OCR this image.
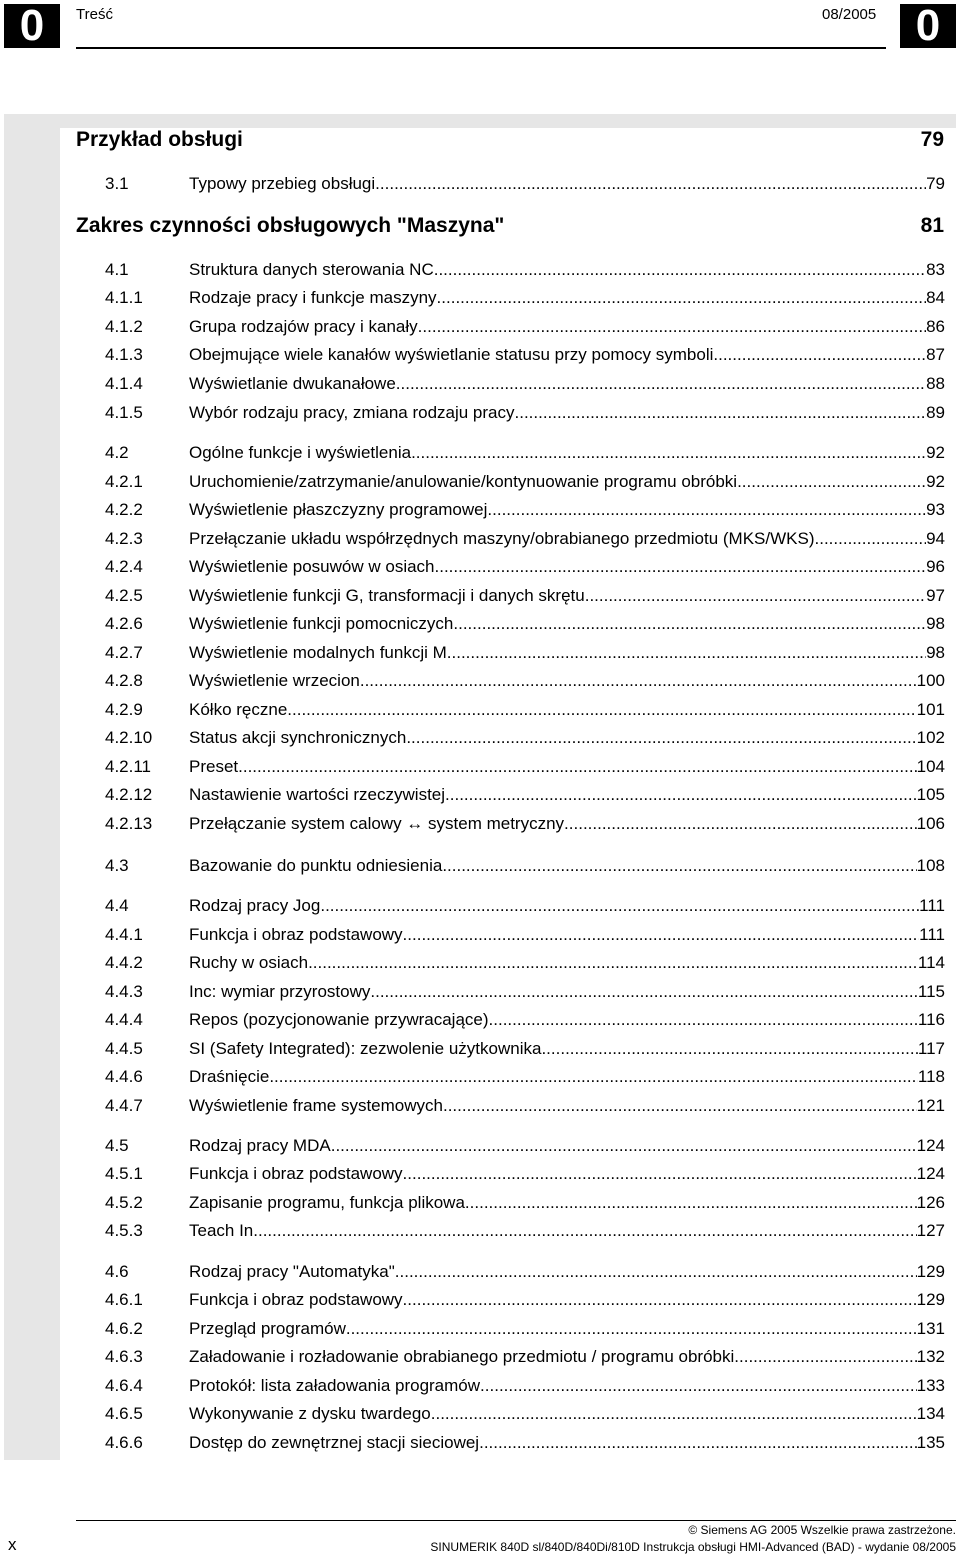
0	Treść	08/2005 0
Przykład obsługi	79
3.1	Typowy przebieg obsługi .....	79
Zakres czynności obsługowych "Maszyna"	81
4.1	Struktura danych sterowania NC .....	83
4.1.1	Rodzaje pracy i funkcje maszyny .....	84
4.1.2	Grupa rodzajów pracy i kanały .....	86
4.1.3	Obejmujące wiele kanałów wyświetlanie statusu przy pomocy symboli .....	87
4.1.4	Wyświetlanie dwukanałowe .....	88
4.1.5	Wybór rodzaju pracy, zmiana rodzaju pracy .....	89
4.2	Ogólne funkcje i wyświetlenia .....	92
4.2.1	Uruchomienie/zatrzymanie/anulowanie/kontynuowanie programu obróbki .....	92
4.2.2	Wyświetlenie płaszczyzny programowej .....	93
4.2.3	Przełączanie układu współrzędnych maszyny/obrabianego przedmiotu (MKS/WKS) .....	94
4.2.4	Wyświetlenie posuwów w osiach .....	96
4.2.5	Wyświetlenie funkcji G, transformacji i danych skrętu .....	97
4.2.6	Wyświetlenie funkcji pomocniczych .....	98
4.2.7	Wyświetlenie modalnych funkcji M .....	98
4.2.8	Wyświetlenie wrzecion .....	100
4.2.9	Kółko ręczne .....	101
4.2.10 Status akcji synchronicznych .....	102
4.2.11 Preset .....	104
4.2.12 Nastawienie wartości rzeczywistej .....	105
4.2.13 Przełączanie system calowy ↔ system metryczny .....	106
4.3	Bazowanie do punktu odniesienia .....	108
4.4	Rodzaj pracy Jog .....	111
4.4.1	Funkcja i obraz podstawowy .....	111
4.4.2	Ruchy w osiach .....	114
4.4.3	Inc: wymiar przyrostowy .....	115
4.4.4	Repos (pozycjonowanie przywracające) .....	116
4.4.5	SI (Safety Integrated): zezwolenie użytkownika .....	117
4.4.6	Draśnięcie .....	118
4.4.7	Wyświetlenie frame systemowych .....	121
4.5	Rodzaj pracy MDA .....	124
4.5.1	Funkcja i obraz podstawowy .....	124
4.5.2	Zapisanie programu, funkcja plikowa .....	126
4.5.3	Teach In .....	127
4.6	Rodzaj pracy "Automatyka" .....	129
4.6.1	Funkcja i obraz podstawowy .....	129
4.6.2	Przegląd programów .....	131
4.6.3	Załadowanie i rozładowanie obrabianego przedmiotu / programu obróbki .....	132
4.6.4	Protokół: lista załadowania programów .....	133
4.6.5	Wykonywanie z dysku twardego .....	134
4.6.6	Dostęp do zewnętrznej stacji sieciowej .....	135
x
© Siemens AG 2005 Wszelkie prawa zastrzeżone.
SINUMERIK 840D sl/840D/840Di/810D Instrukcja obsługi HMI-Advanced (BAD) - wydanie 08/2005
